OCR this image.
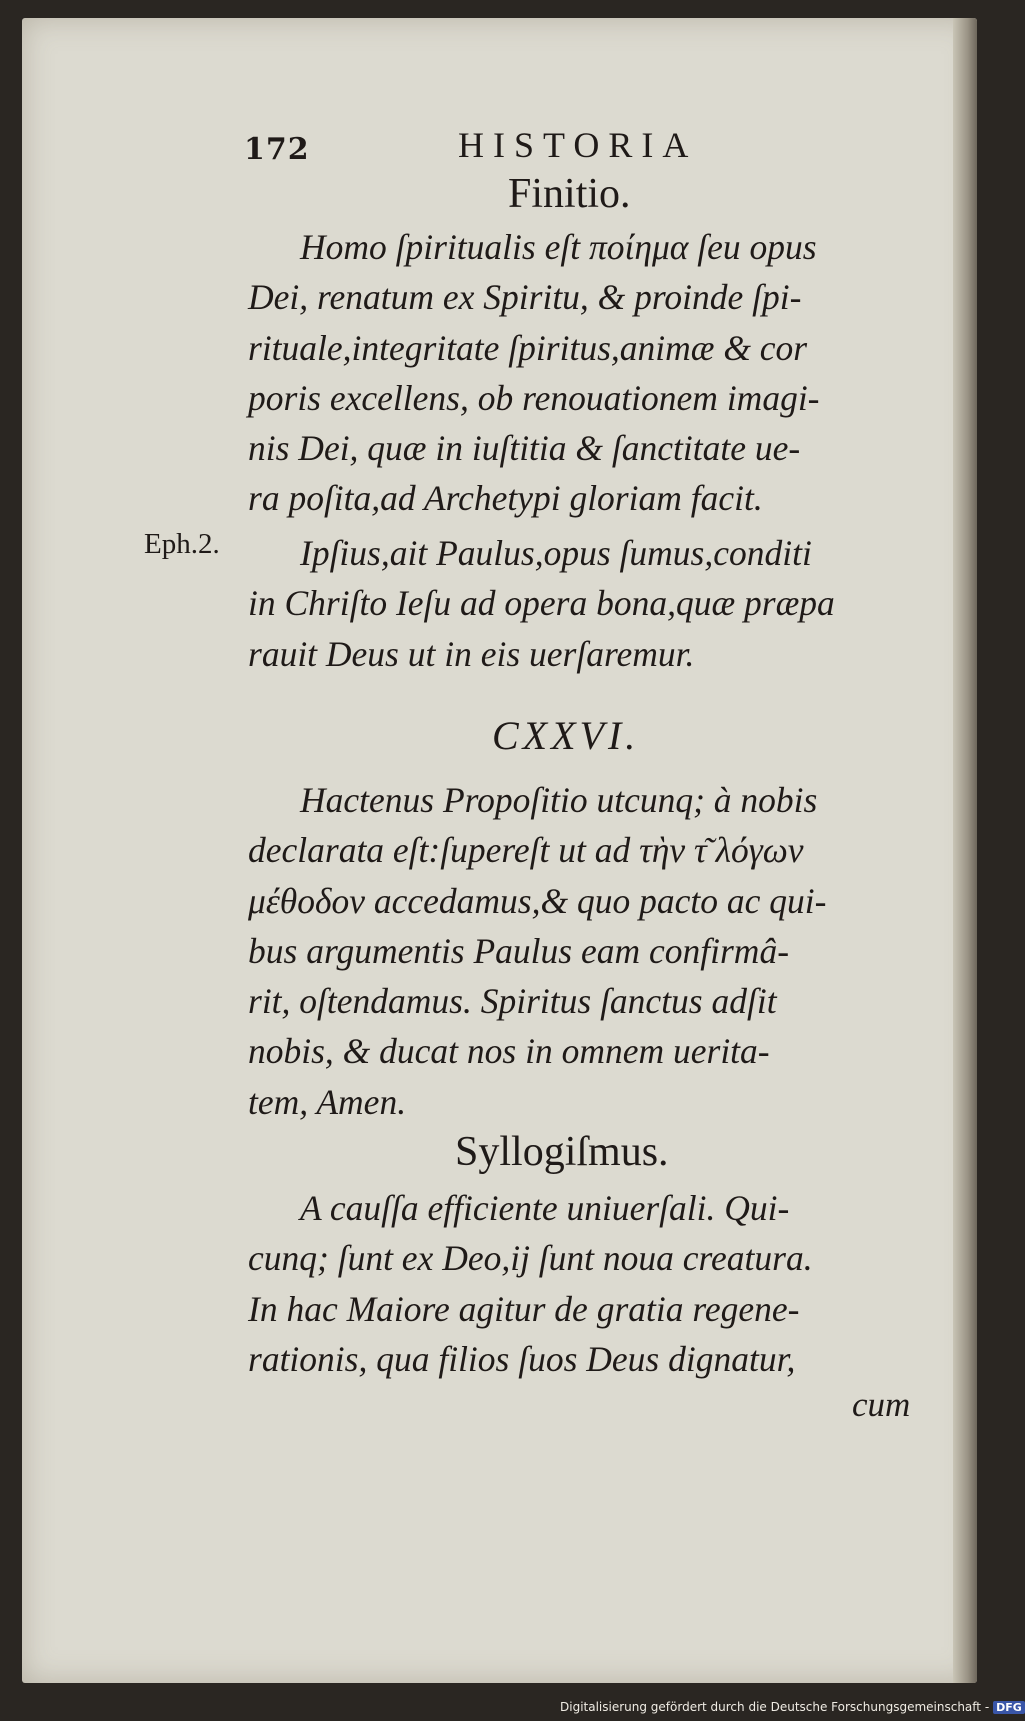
172	HISTORIA
Finitio.
Homo ſpiritualis eſt ποίημα ſeu opus
Dei, renatum ex Spiritu, & proinde ſpi-
rituale,integritate ſpiritus,animæ & cor
poris excellens, ob renouationem imagi-
nis Dei, quæ in iuſtitia & ſanctitate ue-
ra poſita,ad Archetypi gloriam facit.
Eph.2.	Ipſius,ait Paulus,opus ſumus,conditi
in Chriſto Ieſu ad opera bona,quæ præpa
rauit Deus ut in eis uerſaremur.
CXXVI.
Hactenus Propoſitio utcunq; à nobis
declarata eſt:ſupereſt ut ad τὴν τ͂ λόγων
μέθοδον accedamus,& quo pacto ac qui-
bus argumentis Paulus eam confirmâ-
rit, oſtendamus. Spiritus ſanctus adſit
nobis, & ducat nos in omnem uerita-
tem, Amen.
Syllogiſmus.
A cauſſa efficiente uniuerſali. Qui-
cunq; ſunt ex Deo,ij ſunt noua creatura.
In hac Maiore agitur de gratia regene-
rationis, qua filios ſuos Deus dignatur,
cum
Digitalisierung gefördert durch die Deutsche Forschungsgemeinschaft - DFG
